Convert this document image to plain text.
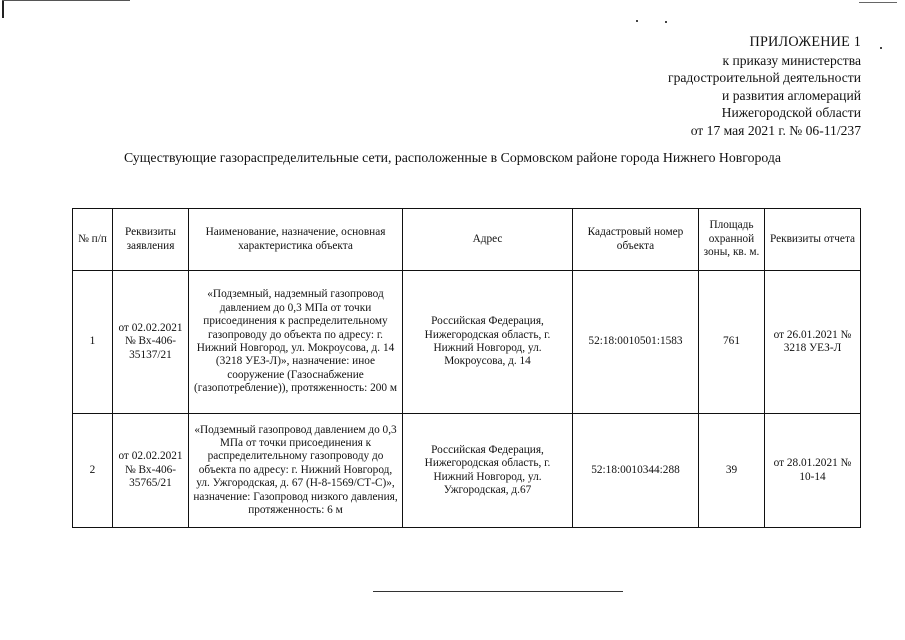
ПРИЛОЖЕНИЕ 1
к приказу министерства
градостроительной деятельности
и развития агломераций
Нижегородской области
от 17 мая 2021 г. № 06-11/237
Существующие газораспределительные сети, расположенные в Сормовском районе города Нижнего Новгорода
№ п/п	Реквизиты заявления	Наименование, назначение, основная характеристика объекта	Адрес	Кадастровый номер объекта	Площадь охранной зоны, кв. м.	Реквизиты отчета
1	от 02.02.2021 № Вх-406-35137/21	«Подземный, надземный газопровод давлением до 0,3 МПа от точки присоединения к распределительному газопроводу до объекта по адресу: г. Нижний Новгород, ул. Мокроусова, д. 14 (3218 УЕЗ-Л)», назначение: иное сооружение (Газоснабжение (газопотребление)), протяженность: 200 м	Российская Федерация, Нижегородская область, г. Нижний Новгород, ул. Мокроусова, д. 14	52:18:0010501:1583	761	от 26.01.2021 № 3218 УЕЗ-Л
2	от 02.02.2021 № Вх-406-35765/21	«Подземный газопровод давлением до 0,3 МПа от точки присоединения к распределительному газопроводу до объекта по адресу: г. Нижний Новгород, ул. Ужгородская, д. 67 (Н-8-1569/СТ-С)», назначение: Газопровод низкого давления, протяженность: 6 м	Российская Федерация, Нижегородская область, г. Нижний Новгород, ул. Ужгородская, д.67	52:18:0010344:288	39	от 28.01.2021 № 10-14
